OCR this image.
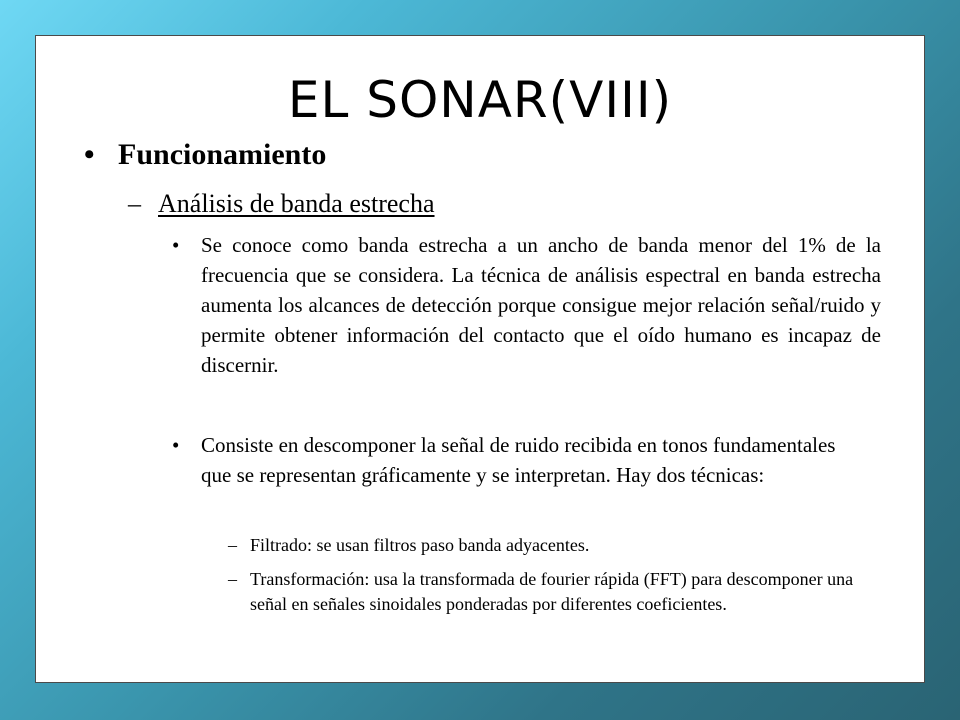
EL SONAR(VIII)
• Funcionamiento
– Análisis de banda estrecha
• Se conoce como banda estrecha a un ancho de banda menor del 1% de la frecuencia que se considera. La técnica de análisis espectral en banda estrecha aumenta los alcances de detección porque consigue mejor relación señal/ruido y permite obtener información del contacto que el oído humano es incapaz de discernir.
• Consiste en descomponer la señal de ruido recibida en tonos fundamentales que se representan gráficamente y se interpretan. Hay dos técnicas:
– Filtrado: se usan filtros paso banda adyacentes.
– Transformación: usa la transformada de fourier rápida (FFT) para descomponer una señal en señales sinoidales ponderadas por diferentes coeficientes.
